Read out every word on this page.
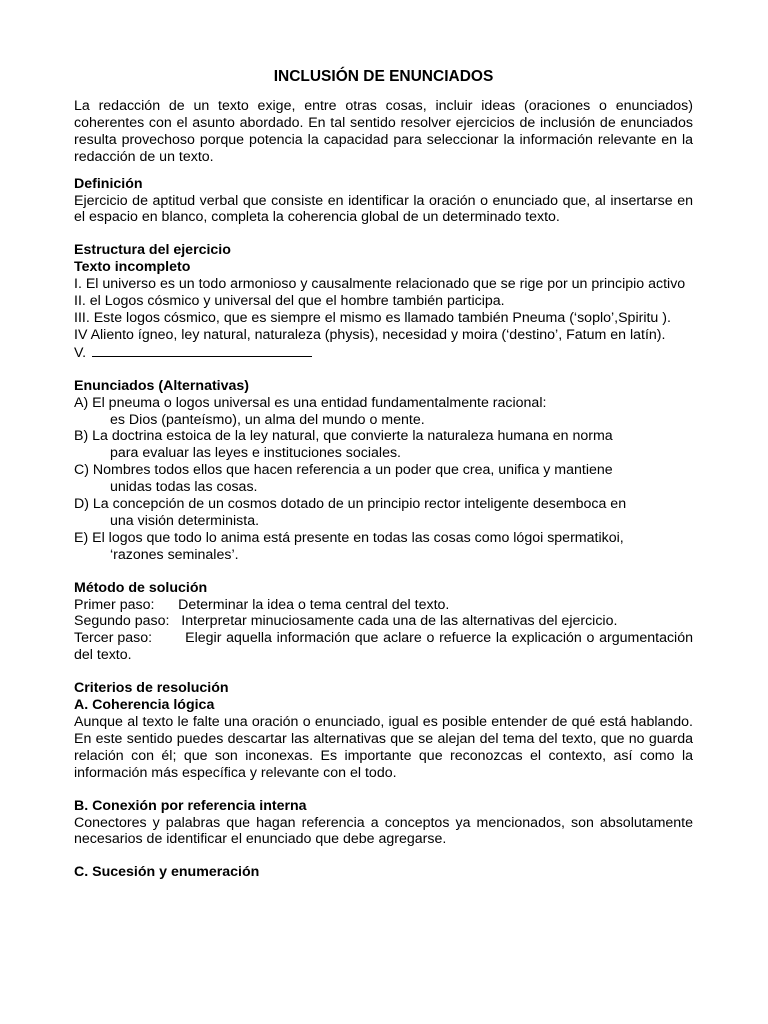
INCLUSIÓN DE ENUNCIADOS

La redacción de un texto exige, entre otras cosas, incluir ideas (oraciones o enunciados) coherentes con el asunto abordado. En tal sentido resolver ejercicios de inclusión de enunciados resulta provechoso porque potencia la capacidad para seleccionar la información relevante en la redacción de un texto.

Definición

Ejercicio de aptitud verbal que consiste en identificar la oración o enunciado que, al insertarse en el espacio en blanco, completa la coherencia global de un determinado texto.

Estructura del ejercicio
Texto incompleto

I. El universo es un todo armonioso y causalmente relacionado que se rige por un principio activo

II. el Logos cósmico y universal del que el hombre también participa.

III. Este logos cósmico, que es siempre el mismo es llamado también Pneuma (‘soplo’,Spiritu ).

IV Aliento ígneo, ley natural, naturaleza (physis), necesidad y moira (‘destino’, Fatum en latín).

V.

Enunciados (Alternativas)

A) El pneuma o logos universal es una entidad fundamentalmente racional:

es Dios (panteísmo), un alma del mundo o mente.

B) La doctrina estoica de la ley natural, que convierte la naturaleza humana en norma

para evaluar las leyes e instituciones sociales.

C) Nombres todos ellos que hacen referencia a un poder que crea, unifica y mantiene

unidas todas las cosas.

D) La concepción de un cosmos dotado de un principio rector inteligente desemboca en

una visión determinista.

E) El logos que todo lo anima está presente en todas las cosas como lógoi spermatikoi,

‘razones seminales’.
Método de solución

Primer paso: Determinar la idea o tema central del texto.

Segundo paso: Interpretar minuciosamente cada una de las alternativas del ejercicio.

Tercer paso: Elegir aquella información que aclare o refuerce la explicación o argumentación del texto.

Criterios de resolución
A. Coherencia lógica

Aunque al texto le falte una oración o enunciado, igual es posible entender de qué está hablando. En este sentido puedes descartar las alternativas que se alejan del tema del texto, que no guarda relación con él; que son inconexas. Es importante que reconozcas el contexto, así como la información más específica y relevante con el todo.

B. Conexión por referencia interna

Conectores y palabras que hagan referencia a conceptos ya mencionados, son absolutamente necesarios de identificar el enunciado que debe agregarse.

C. Sucesión y enumeración
